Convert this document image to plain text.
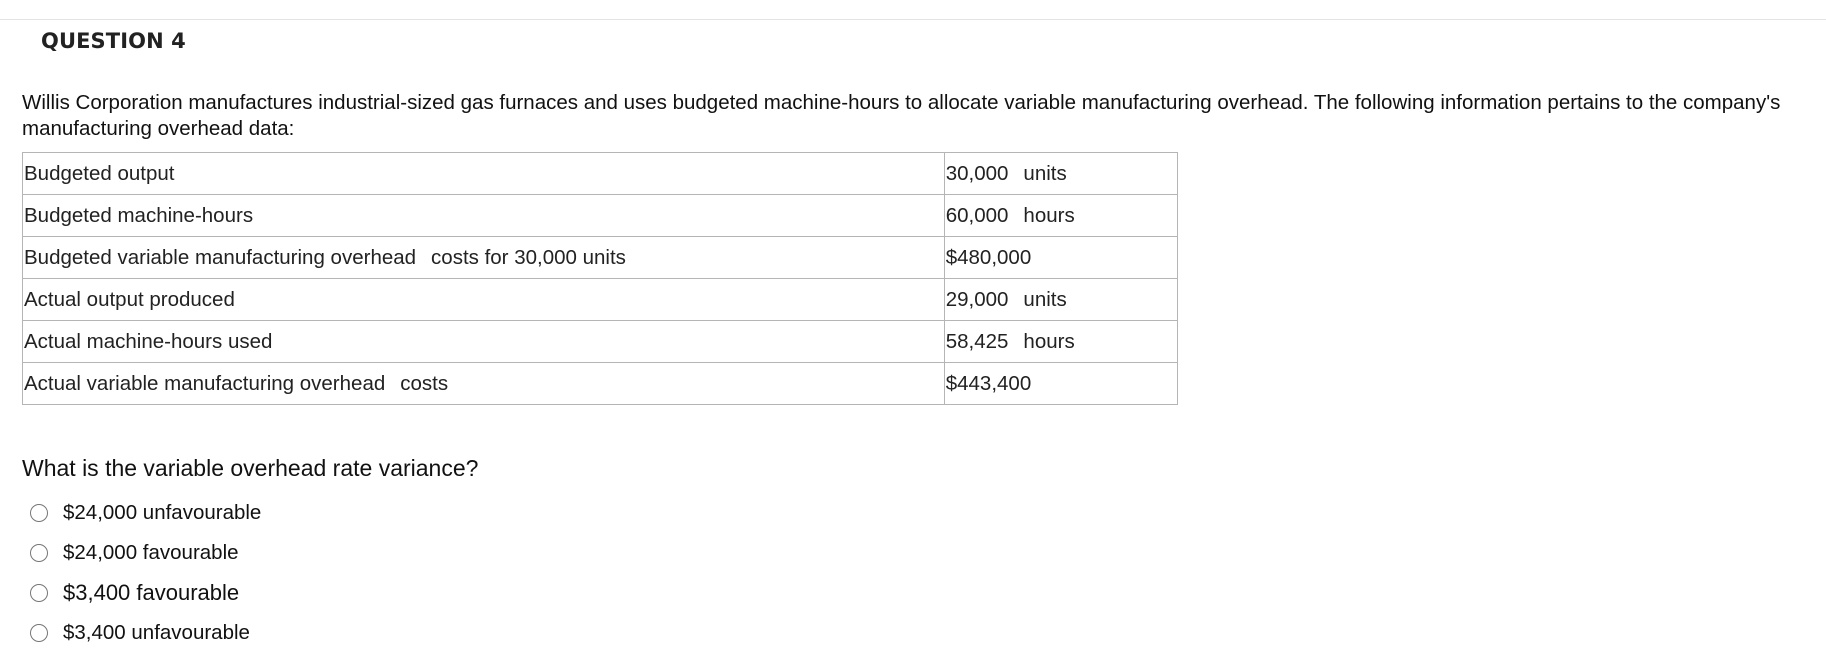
QUESTION 4
Willis Corporation manufactures industrial-sized gas furnaces and uses budgeted machine-hours to allocate variable manufacturing overhead. The following information pertains to the company's manufacturing overhead data:
Budgeted output	30,000 units
Budgeted machine-hours	60,000 hours
Budgeted variable manufacturing overhead costs for 30,000 units	$480,000
Actual output produced	29,000 units
Actual machine-hours used	58,425 hours
Actual variable manufacturing overhead costs	$443,400
What is the variable overhead rate variance?
$24,000 unfavourable
$24,000 favourable
$3,400 favourable
$3,400 unfavourable
